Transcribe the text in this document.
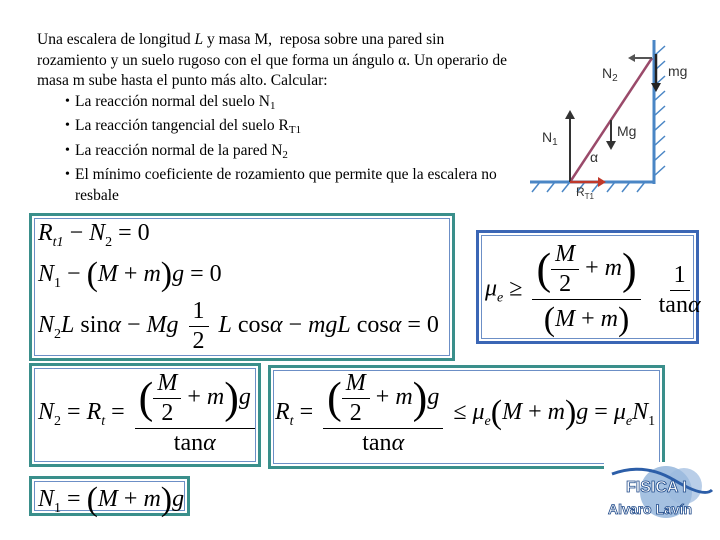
Una escalera de longitud L y masa M,  reposa sobre una pared sin rozamiento y un suelo rugoso con el que forma un ángulo α. Un operario de masa m sube hasta el punto más alto. Calcular:

• La reacción normal del suelo $N_1$
• La reacción tangencial del suelo $R_{T1}$
• La reacción normal de la pared $N_2$
• El mínimo coeficiente de rozamiento que permite que la escalera no resbale
$N_2$	mg
Mg
$N_1$
α
$R_{T1}$
$R_{t1} - N_2 = 0$
$N_1 - (M + m)g = 0$
$N_2L$ sinα − Mg $\frac{1}{2}$ L cosα − mgL cosα = 0
$\mu_e \ge \frac{( \frac{M}{2} + m)}{(M + m)}$
$\frac{1}{\tan\alpha}$
$N_2 = R_t = \frac{( \frac{M}{2} + m)g}{\tan\alpha} R_t = \frac{( \frac{M}{2} + m)g}{\tan\alpha} \le \mu_e(M + m)g = \mu_eN_1$
$N_1 = (M + m)g$	FISICA I
Alvaro Lavín
